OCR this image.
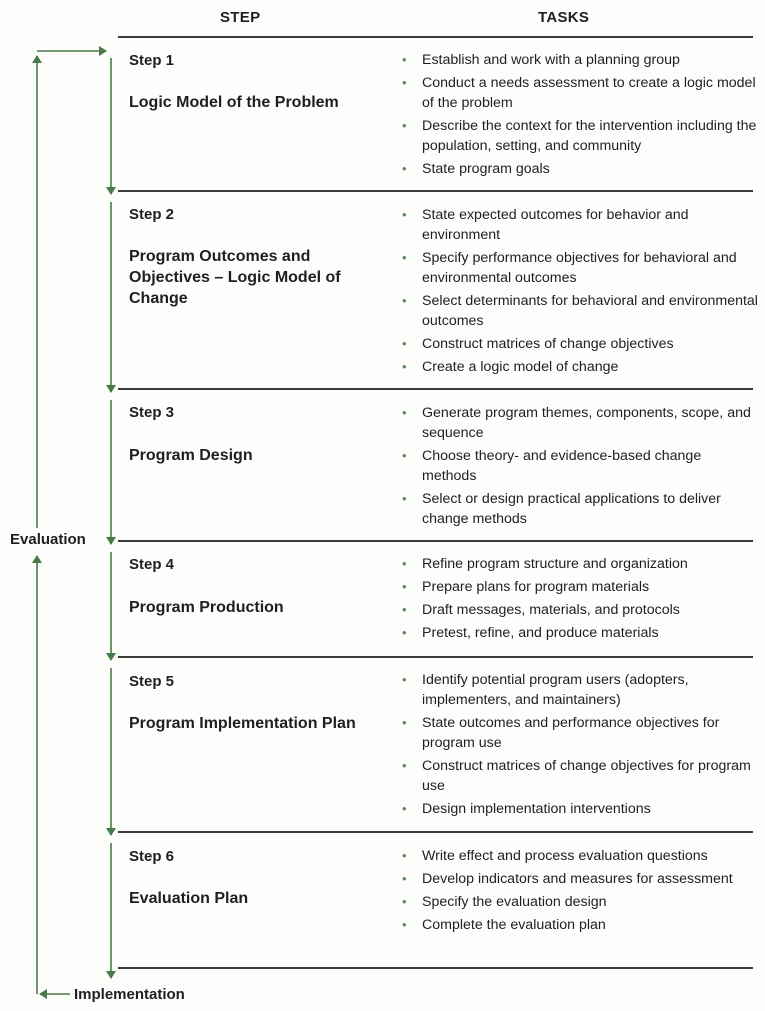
STEP	TASKS
Step 1
Logic Model of the Problem
• Establish and work with a planning group
• Conduct a needs assessment to create a logic model of the problem
• Describe the context for the intervention including the population, setting, and community
• State program goals
Step 2
Program Outcomes and Objectives – Logic Model of Change
• State expected outcomes for behavior and environment
• Specify performance objectives for behavioral and environmental outcomes
• Select determinants for behavioral and environmental outcomes
• Construct matrices of change objectives
• Create a logic model of change
Step 3
Program Design
• Generate program themes, components, scope, and sequence
• Choose theory- and evidence-based change methods
• Select or design practical applications to deliver change methods
Step 4
Program Production
• Refine program structure and organization
• Prepare plans for program materials
• Draft messages, materials, and protocols
• Pretest, refine, and produce materials
Step 5
Program Implementation Plan
• Identify potential program users (adopters, implementers, and maintainers)
• State outcomes and performance objectives for program use
• Construct matrices of change objectives for program use
• Design implementation interventions
Step 6
Evaluation Plan
• Write effect and process evaluation questions
• Develop indicators and measures for assessment
• Specify the evaluation design
• Complete the evaluation plan
Evaluation
Implementation
